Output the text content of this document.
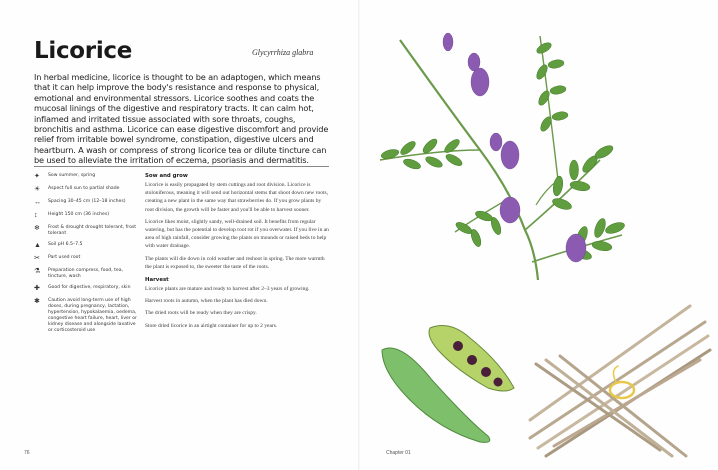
Licorice	Glycyrrhiza glabra

In herbal medicine, licorice is thought to be an adaptogen, which means that it can help improve the body's resistance and response to physical, emotional and environmental stressors. Licorice soothes and coats the mucosal linings of the digestive and respiratory tracts. It can calm hot, inflamed and irritated tissue associated with sore throats, coughs, bronchitis and asthma. Licorice can ease digestive discomfort and provide relief from irritable bowel syndrome, constipation, digestive ulcers and heartburn. A wash or compress of strong licorice tea or dilute tincture can be used to alleviate the irritation of eczema, psoriasis and dermatitis.

✦	Sow summer, spring
☀	Aspect full sun to partial shade
↔	Spacing 30–45 cm (12–18 inches)
↕	Height 150 cm (36 inches)
❄	Frost & drought drought tolerant, frost tolerant
▲	Soil pH 6.5–7.5
✂	Part used root
⚗	Preparation compress, food, tea, tincture, wash
✚	Good for digestive, respiratory, skin
✱	Caution avoid long-term use of high doses, during pregnancy, lactation, hypertension, hypokalaemia, oedema, congestive heart failure, heart, liver or kidney disease and alongside laxative or corticosteroid use
Sow and grow

Licorice is easily propagated by stem cuttings and root division. Licorice is stoloniferous, meaning it will send out horizontal stems that shoot down new roots, creating a new plant in the same way that strawberries do. If you grow plants by root division, the growth will be faster and you'll be able to harvest sooner.

Licorice likes moist, slightly sandy, well-drained soil. It benefits from regular watering, but has the potential to develop root rot if you overwater. If you live in an area of high rainfall, consider growing the plants on mounds or raised beds to help with water drainage.

The plants will die down in cold weather and reshoot in spring. The more warmth the plant is exposed to, the sweeter the taste of the roots.

Harvest

Licorice plants are mature and ready to harvest after 2–3 years of growing.

Harvest roots in autumn, when the plant has died down.

The dried roots will be ready when they are crispy.

Store dried licorice in an airtight container for up to 2 years.

76	Chapter 01
